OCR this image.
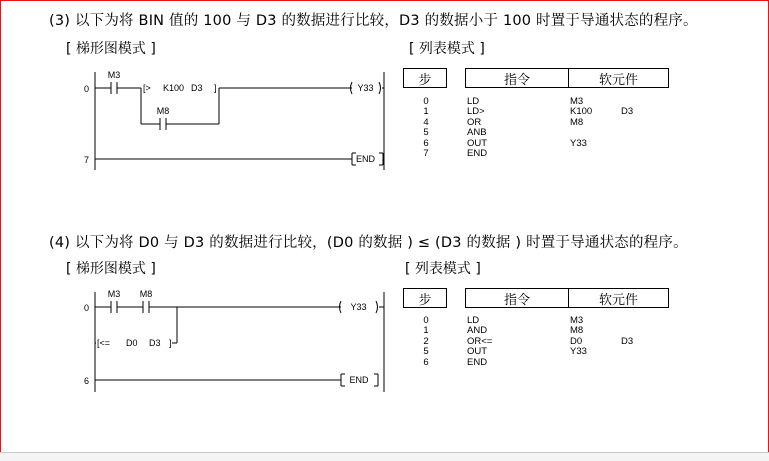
(3) 以下为将 BIN 值的 100 与 D3 的数据进行比较，D3 的数据小于 100 时置于导通状态的程序。
[ 梯形图模式 ]	[ 列表模式 ]
0
7
M3
M8
[> K100 D3 ]	Y33
END
步	指令	软元件
0	LD	M3
1	LD>	K100	D3
4	OR	M8
5	ANB
6	OUT	Y33
7	END
(4) 以下为将 D0 与 D3 的数据进行比较，(D0 的数据 ) ≤ (D3 的数据 ) 时置于导通状态的程序。
[ 梯形图模式 ]	[ 列表模式 ]
0
6
M3 M8
[<= D0 D3 ]
Y33
END
步	指令	软元件
0	LD	M3
1	AND	M8
2	OR<=	D0	D3
5	OUT	Y33
6	END
